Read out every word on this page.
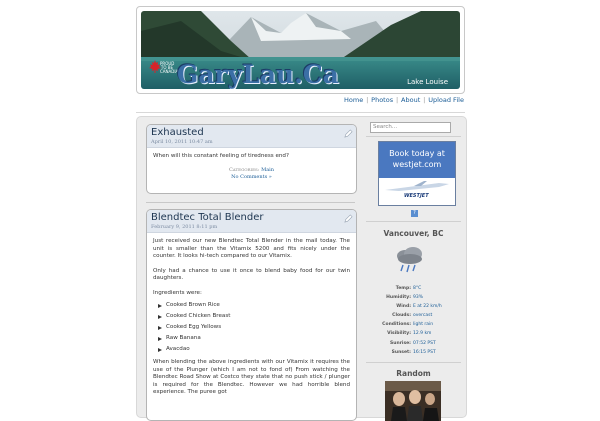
PROUD TO BE CANADIAN
GaryLau.Ca	Lake Louise
Home | Photos | About | Upload File
Exhausted
April 10, 2011 10:47 am
When will this constant feeling of tiredness end?
Categories: Main
No Comments »
Blendtec Total Blender
February 9, 2011 8:11 pm

Just received our new Blendtec Total Blender in the mail today. The unit is smaller than the Vitamix 5200 and fits nicely under the counter. It looks hi-tech compared to our Vitamix.

Only had a chance to use it once to blend baby food for our twin daughters.

Ingredients were:

Cooked Brown Rice
Cooked Chicken Breast
Cooked Egg Yellows
Raw Banana
Avacdao

When blending the above ingredients with our Vitamix it requires the use of the Plunger (which I am not to fond of) From watching the Blendtec Road Show at Costco they state that no push stick / plunger is required for the Blendtec. However we had horrible blend experience. The puree got

Search...
Book today at
westjet.com
WESTJET
?
Vancouver, BC
Temp: 8°C
Humidity: 93%
Wind: E at 22 km/h
Clouds: overcast
Conditions: light rain
Visibility: 12.9 km
Sunrise: 07:52 PST
Sunset: 16:15 PST
Random
